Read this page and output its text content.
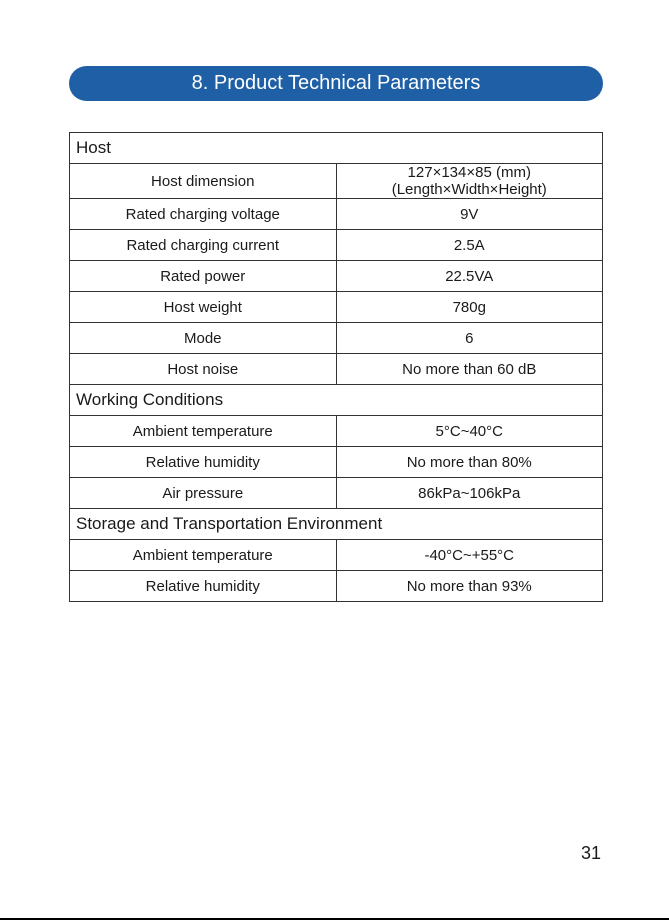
8. Product Technical Parameters
Host	
Host dimension	127×134×85 (mm) (Length×Width×Height)
Rated charging voltage	9V
Rated charging current	2.5A
Rated power	22.5VA
Host weight	780g
Mode	6
Host noise	No more than 60 dB
Working Conditions	
Ambient temperature	5°C~40°C
Relative humidity	No more than 80%
Air pressure	86kPa~106kPa
Storage and Transportation Environment	
Ambient temperature	-40°C~+55°C
Relative humidity	No more than 93%
31
